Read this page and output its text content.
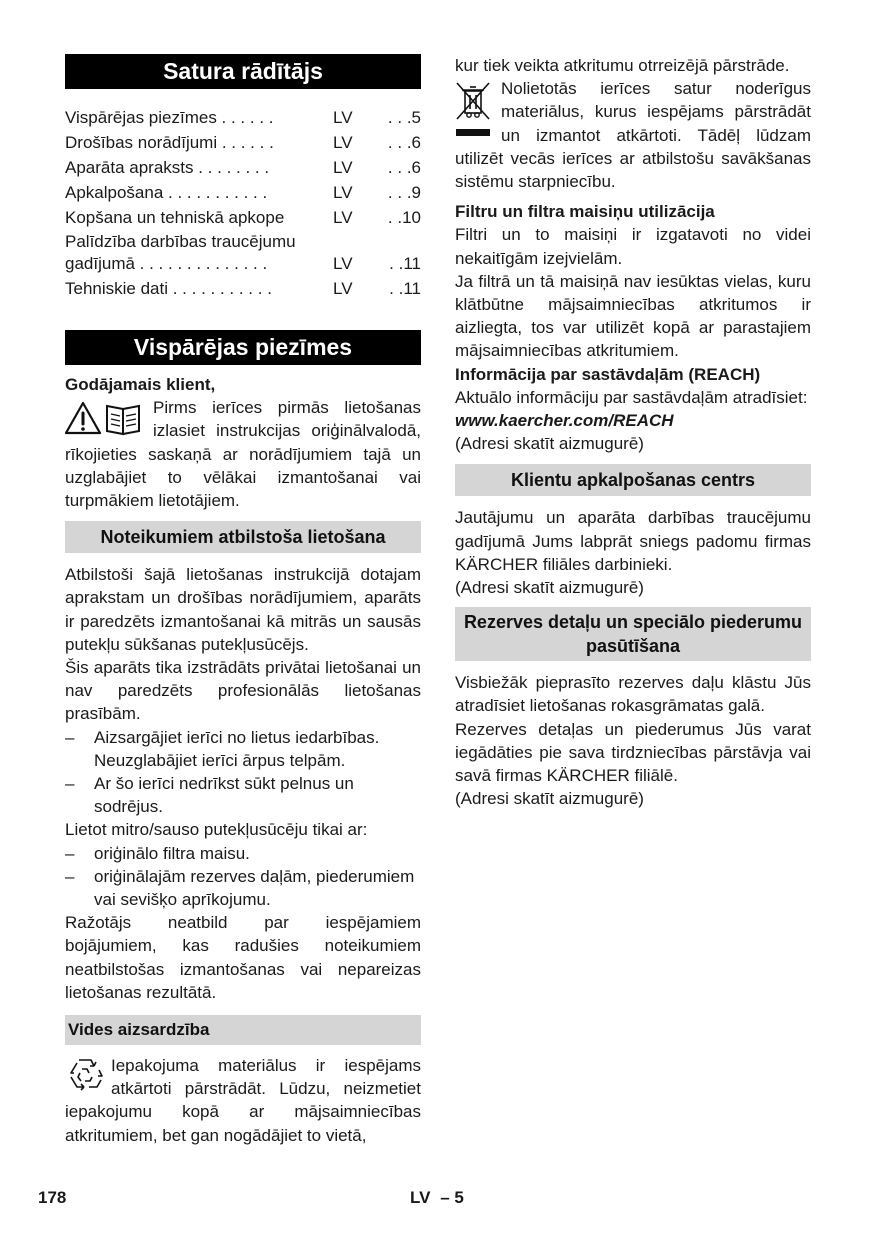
Satura rādītājs
Vispārējas piezīmes . . . . . .	LV	. . .5
Drošības norādījumi . . . . . .	LV	. . .6
Aparāta apraksts . . . . . . . .	LV	. . .6
Apkalpošana . . . . . . . . . . .	LV	. . .9
Kopšana un tehniskā apkope	LV	. .10
Palīdzība darbības traucējumu
gadījumā . . . . . . . . . . . . . .	LV	. .11
Tehniskie dati . . . . . . . . . . .	LV	. .11
Vispārējas piezīmes

Godājamais klient,

Pirms ierīces pirmās lietošanas izlasiet instrukcijas oriģinālvalodā, rīkojieties saskaņā ar norādījumiem tajā un uzglabājiet to vēlākai izmantošanai vai turpmākiem lietotājiem.

Noteikumiem atbilstoša lietošana

Atbilstoši šajā lietošanas instrukcijā dotajam aprakstam un drošības norādījumiem, aparāts ir paredzēts izmantošanai kā mitrās un sausās putekļu sūkšanas putekļusūcējs.

Šis aparāts tika izstrādāts privātai lietošanai un nav paredzēts profesionālās lietošanas prasībām.

– Aizsargājiet ierīci no lietus iedarbības. Neuzglabājiet ierīci ārpus telpām.
– Ar šo ierīci nedrīkst sūkt pelnus un sodrējus.

Lietot mitro/sauso putekļusūcēju tikai ar:

– oriģinālo filtra maisu.
– oriģinālajām rezerves daļām, piederumiem vai sevišķo aprīkojumu.

Ražotājs neatbild par iespējamiem bojājumiem, kas radušies noteikumiem neatbilstošas izmantošanas vai nepareizas lietošanas rezultātā.

Vides aizsardzība

Iepakojuma materiālus ir iespējams atkārtoti pārstrādāt. Lūdzu, neizmetiet iepakojumu kopā ar mājsaimniecības atkritumiem, bet gan nogādājiet to vietā,

kur tiek veikta atkritumu otrreizējā pārstrāde.

Nolietotās ierīces satur noderīgus materiālus, kurus iespējams pārstrādāt un izmantot atkārtoti. Tādēļ lūdzam utilizēt vecās ierīces ar atbilstošu savākšanas sistēmu starpniecību.

Filtru un filtra maisiņu utilizācija

Filtri un to maisiņi ir izgatavoti no videi nekaitīgām izejvielām.

Ja filtrā un tā maisiņā nav iesūktas vielas, kuru klātbūtne mājsaimniecības atkritumos ir aizliegta, tos var utilizēt kopā ar parastajiem mājsaimniecības atkritumiem.

Informācija par sastāvdaļām (REACH)

Aktuālo informāciju par sastāvdaļām atradīsiet:

www.kaercher.com/REACH

(Adresi skatīt aizmugurē)

Klientu apkalpošanas centrs

Jautājumu un aparāta darbības traucējumu gadījumā Jums labprāt sniegs padomu firmas KÄRCHER filiāles darbinieki.

(Adresi skatīt aizmugurē)

Rezerves detaļu un speciālo piederumu pasūtīšana

Visbiežāk pieprasīto rezerves daļu klāstu Jūs atradīsiet lietošanas rokasgrāmatas galā.

Rezerves detaļas un piederumus Jūs varat iegādāties pie sava tirdzniecības pārstāvja vai savā firmas KÄRCHER filiālē.

(Adresi skatīt aizmugurē)

178	LV – 5
